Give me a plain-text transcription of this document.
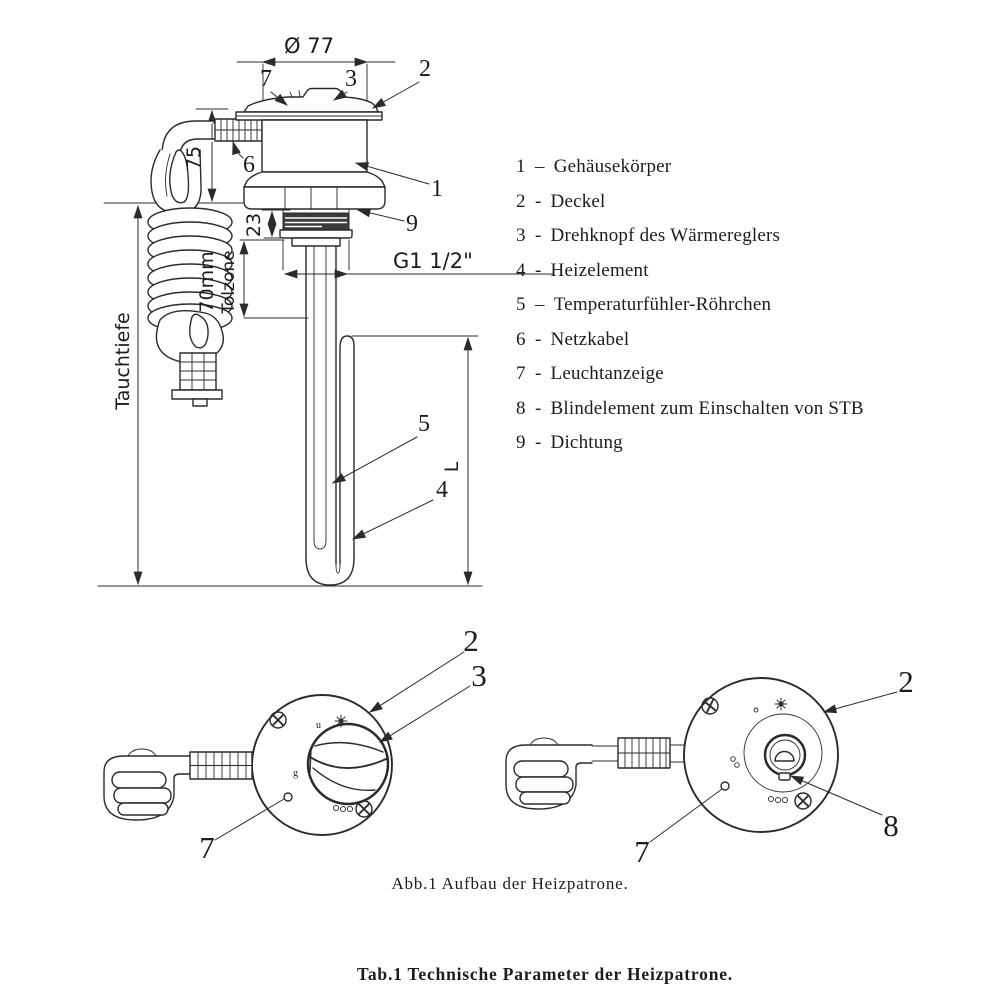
Ø 77
75
23
70mm Tolzone
Tauchtiefe
G1 1/2"
L
7	3	2
6
1
9
5
4
u
g
2
3
7
2
8
7
1 – Gehäusekörper
2 - Deckel
3 - Drehknopf des Wärmereglers
4 - Heizelement
5 – Temperaturfühler-Röhrchen
6 - Netzkabel
7 - Leuchtanzeige
8 - Blindelement zum Einschalten von STB
9 - Dichtung
Abb.1 Aufbau der Heizpatrone.
Tab.1 Technische Parameter der Heizpatrone.
